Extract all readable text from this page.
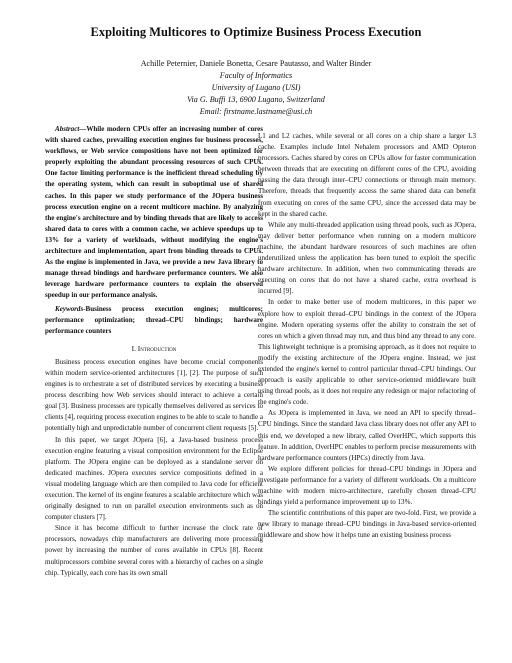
Exploiting Multicores to Optimize Business Process Execution
Achille Peternier, Daniele Bonetta, Cesare Pautasso, and Walter Binder
Faculty of Informatics
University of Lugano (USI)
Via G. Buffi 13, 6900 Lugano, Switzerland
Email: firstname.lastname@usi.ch

Abstract—While modern CPUs offer an increasing number of cores with shared caches, prevailing execution engines for business processes, workflows, or Web service compositions have not been optimized for properly exploiting the abundant processing resources of such CPUs. One factor limiting performance is the inefficient thread scheduling by the operating system, which can result in suboptimal use of shared caches. In this paper we study performance of the JOpera business process execution engine on a recent multicore machine. By analyzing the engine's architecture and by binding threads that are likely to access shared data to cores with a common cache, we achieve speedups up to 13% for a variety of workloads, without modifying the engine's architecture and implementation, apart from binding threads to CPUs. As the engine is implemented in Java, we provide a new Java library to manage thread bindings and hardware performance counters. We also leverage hardware performance counters to explain the observed speedup in our performance analysis.

Keywords-Business process execution engines; multicores; performance optimization; thread–CPU bindings; hardware performance counters

I. Introduction

Business process execution engines have become crucial components within modern service-oriented architectures [1], [2]. The purpose of such engines is to orchestrate a set of distributed services by executing a business process describing how Web services should interact to achieve a certain goal [3]. Business processes are typically themselves delivered as services to clients [4], requiring process execution engines to be able to scale to handle a potentially high and unpredictable number of concurrent client requests [5].

In this paper, we target JOpera [6], a Java-based business process execution engine featuring a visual composition environment for the Eclipse platform. The JOpera engine can be deployed as a standalone server on dedicated machines. JOpera executes service compositions defined in a visual modeling language which are then compiled to Java code for efficient execution. The kernel of its engine features a scalable architecture which was originally designed to run on parallel execution environments such as on computer clusters [7].

Since it has become difficult to further increase the clock rate of processors, nowadays chip manufacturers are delivering more processing power by increasing the number of cores available in CPUs [8]. Recent multiprocessors combine several cores with a hierarchy of caches on a single chip. Typically, each core has its own small

L1 and L2 caches, while several or all cores on a chip share a larger L3 cache. Examples include Intel Nehalem processors and AMD Opteron processors. Caches shared by cores on CPUs allow for faster communication between threads that are executing on different cores of the CPU, avoiding passing the data through inter–CPU connections or through main memory. Therefore, threads that frequently access the same shared data can benefit from executing on cores of the same CPU, since the accessed data may be kept in the shared cache.

While any multi-threaded application using thread pools, such as JOpera, may deliver better performance when running on a modern multicore machine, the abundant hardware resources of such machines are often underutilized unless the application has been tuned to exploit the specific hardware architecture. In addition, when two communicating threads are executing on cores that do not have a shared cache, extra overhead is incurred [9].

In order to make better use of modern multicores, in this paper we explore how to exploit thread–CPU bindings in the context of the JOpera engine. Modern operating systems offer the ability to constrain the set of cores on which a given thread may run, and thus bind any thread to any core. This lightweight technique is a promising approach, as it does not require to modify the existing architecture of the JOpera engine. Instead, we just extended the engine's kernel to control particular thread–CPU bindings. Our approach is easily applicable to other service-oriented middleware built using thread pools, as it does not require any redesign or major refactoring of the engine's code.

As JOpera is implemented in Java, we need an API to specify thread–CPU bindings. Since the standard Java class library does not offer any API to this end, we developed a new library, called OverHPC, which supports this feature. In addition, OverHPC enables to perform precise measurements with hardware performance counters (HPCs) directly from Java.

We explore different policies for thread–CPU bindings in JOpera and investigate performance for a variety of different workloads. On a multicore machine with modern micro-architecture, carefully chosen thread–CPU bindings yield a performance improvement up to 13%.

The scientific contributions of this paper are two-fold. First, we provide a new library to manage thread–CPU bindings in Java-based service-oriented middleware and show how it helps tune an existing business process
